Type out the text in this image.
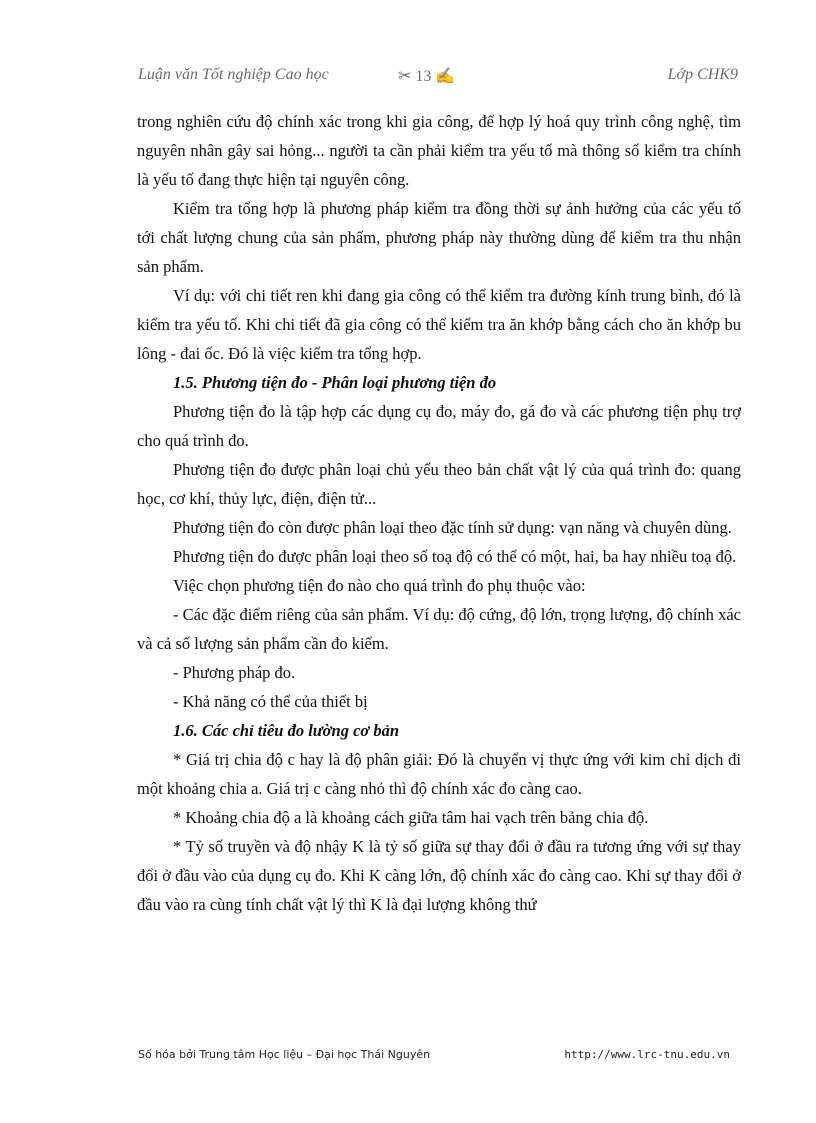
Luận văn Tốt nghiệp Cao học	✂ 13 ✍	Lớp CHK9

trong nghiên cứu độ chính xác trong khi gia công, để hợp lý hoá quy trình công nghệ, tìm nguyên nhân gây sai hỏng... người ta cần phải kiểm tra yếu tố mà thông số kiểm tra chính là yếu tố đang thực hiện tại nguyên công.

Kiểm tra tổng hợp là phương pháp kiểm tra đồng thời sự ảnh hưởng của các yếu tố tới chất lượng chung của sản phẩm, phương pháp này thường dùng để kiểm tra thu nhận sản phẩm.

Ví dụ: với chi tiết ren khi đang gia công có thể kiểm tra đường kính trung bình, đó là kiểm tra yếu tố. Khi chi tiết đã gia công có thể kiểm tra ăn khớp bằng cách cho ăn khớp bu lông - đai ốc. Đó là việc kiểm tra tổng hợp.

1.5. Phương tiện đo - Phân loại phương tiện đo

Phương tiện đo là tập hợp các dụng cụ đo, máy đo, gá đo và các phương tiện phụ trợ cho quá trình đo.

Phương tiện đo được phân loại chủ yếu theo bản chất vật lý của quá trình đo: quang học, cơ khí, thủy lực, điện, điện tử...

Phương tiện đo còn được phân loại theo đặc tính sử dụng: vạn năng và chuyên dùng.

Phương tiện đo được phân loại theo số toạ độ có thể có một, hai, ba hay nhiều toạ độ.

Việc chọn phương tiện đo nào cho quá trình đo phụ thuộc vào:

- Các đặc điểm riêng của sản phẩm. Ví dụ: độ cứng, độ lớn, trọng lượng, độ chính xác và cả số lượng sản phẩm cần đo kiểm.

- Phương pháp đo.

- Khả năng có thể của thiết bị

1.6. Các chỉ tiêu đo lường cơ bản

* Giá trị chia độ c hay là độ phân giải: Đó là chuyển vị thực ứng với kim chỉ dịch đi một khoảng chia a. Giá trị c càng nhỏ thì độ chính xác đo càng cao.

* Khoảng chia độ a là khoảng cách giữa tâm hai vạch trên bảng chia độ.

* Tỷ số truyền và độ nhậy K là tỷ số giữa sự thay đổi ở đầu ra tương ứng với sự thay đổi ở đầu vào của dụng cụ đo. Khi K càng lớn, độ chính xác đo càng cao. Khi sự thay đổi ở đầu vào ra cùng tính chất vật lý thì K là đại lượng không thứ

Số hóa bởi Trung tâm Học liệu – Đại học Thái Nguyên	http://www.lrc-tnu.edu.vn
